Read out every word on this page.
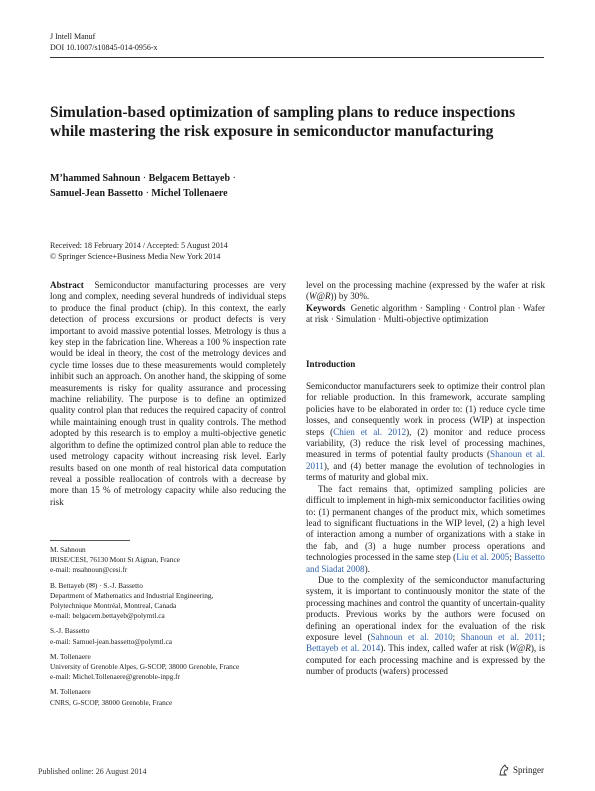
J Intell Manuf
DOI 10.1007/s10845-014-0956-x
Simulation-based optimization of sampling plans to reduce inspections while mastering the risk exposure in semiconductor manufacturing
M’hammed Sahnoun · Belgacem Bettayeb ·
Samuel-Jean Bassetto · Michel Tollenaere
Received: 18 February 2014 / Accepted: 5 August 2014
© Springer Science+Business Media New York 2014
Abstract Semiconductor manufacturing processes are very long and complex, needing several hundreds of individual steps to produce the final product (chip). In this context, the early detection of process excursions or product defects is very important to avoid massive potential losses. Metrology is thus a key step in the fabrication line. Whereas a 100 % inspection rate would be ideal in theory, the cost of the metrology devices and cycle time losses due to these measurements would completely inhibit such an approach. On another hand, the skipping of some measurements is risky for quality assurance and processing machine reliability. The purpose is to define an optimized quality control plan that reduces the required capacity of control while maintaining enough trust in quality controls. The method adopted by this research is to employ a multi-objective genetic algorithm to define the optimized control plan able to reduce the used metrology capacity without increasing risk level. Early results based on one month of real historical data computation reveal a possible reallocation of controls with a decrease by more than 15 % of metrology capacity while also reducing the risk
M. Sahnoun
IRISE/CESI, 76130 Mont St Aignan, France
e-mail: msahnoun@cesi.fr
B. Bettayeb (✉) · S.-J. Bassetto
Department of Mathematics and Industrial Engineering,
Polytechnique Montréal, Montreal, Canada
e-mail: belgacem.bettayeb@polymtl.ca
S.-J. Bassetto
e-mail: Samuel-jean.bassetto@polymtl.ca
M. Tollenaere
University of Grenoble Alpes, G-SCOP, 38000 Grenoble, France
e-mail: Michel.Tollenaere@grenoble-inpg.fr
M. Tollenaere
CNRS, G-SCOP, 38000 Grenoble, France

level on the processing machine (expressed by the wafer at risk (W@R)) by 30%.

Keywords Genetic algorithm · Sampling · Control plan · Wafer at risk · Simulation · Multi-objective optimization

Introduction

Semiconductor manufacturers seek to optimize their control plan for reliable production. In this framework, accurate sampling policies have to be elaborated in order to: (1) reduce cycle time losses, and consequently work in process (WIP) at inspection steps (Chien et al. 2012), (2) monitor and reduce process variability, (3) reduce the risk level of processing machines, measured in terms of potential faulty products (Shanoun et al. 2011), and (4) better manage the evolution of technologies in terms of maturity and global mix.

The fact remains that, optimized sampling policies are difficult to implement in high-mix semiconductor facilities owing to: (1) permanent changes of the product mix, which sometimes lead to significant fluctuations in the WIP level, (2) a high level of interaction among a number of organizations with a stake in the fab, and (3) a huge number process operations and technologies processed in the same step (Liu et al. 2005; Bassetto and Siadat 2008).

Due to the complexity of the semiconductor manufacturing system, it is important to continuously monitor the state of the processing machines and control the quantity of uncertain-quality products. Previous works by the authors were focused on defining an operational index for the evaluation of the risk exposure level (Sahnoun et al. 2010; Shanoun et al. 2011; Bettayeb et al. 2014). This index, called wafer at risk (W@R), is computed for each processing machine and is expressed by the number of products (wafers) processed

Published online: 26 August 2014	Springer
